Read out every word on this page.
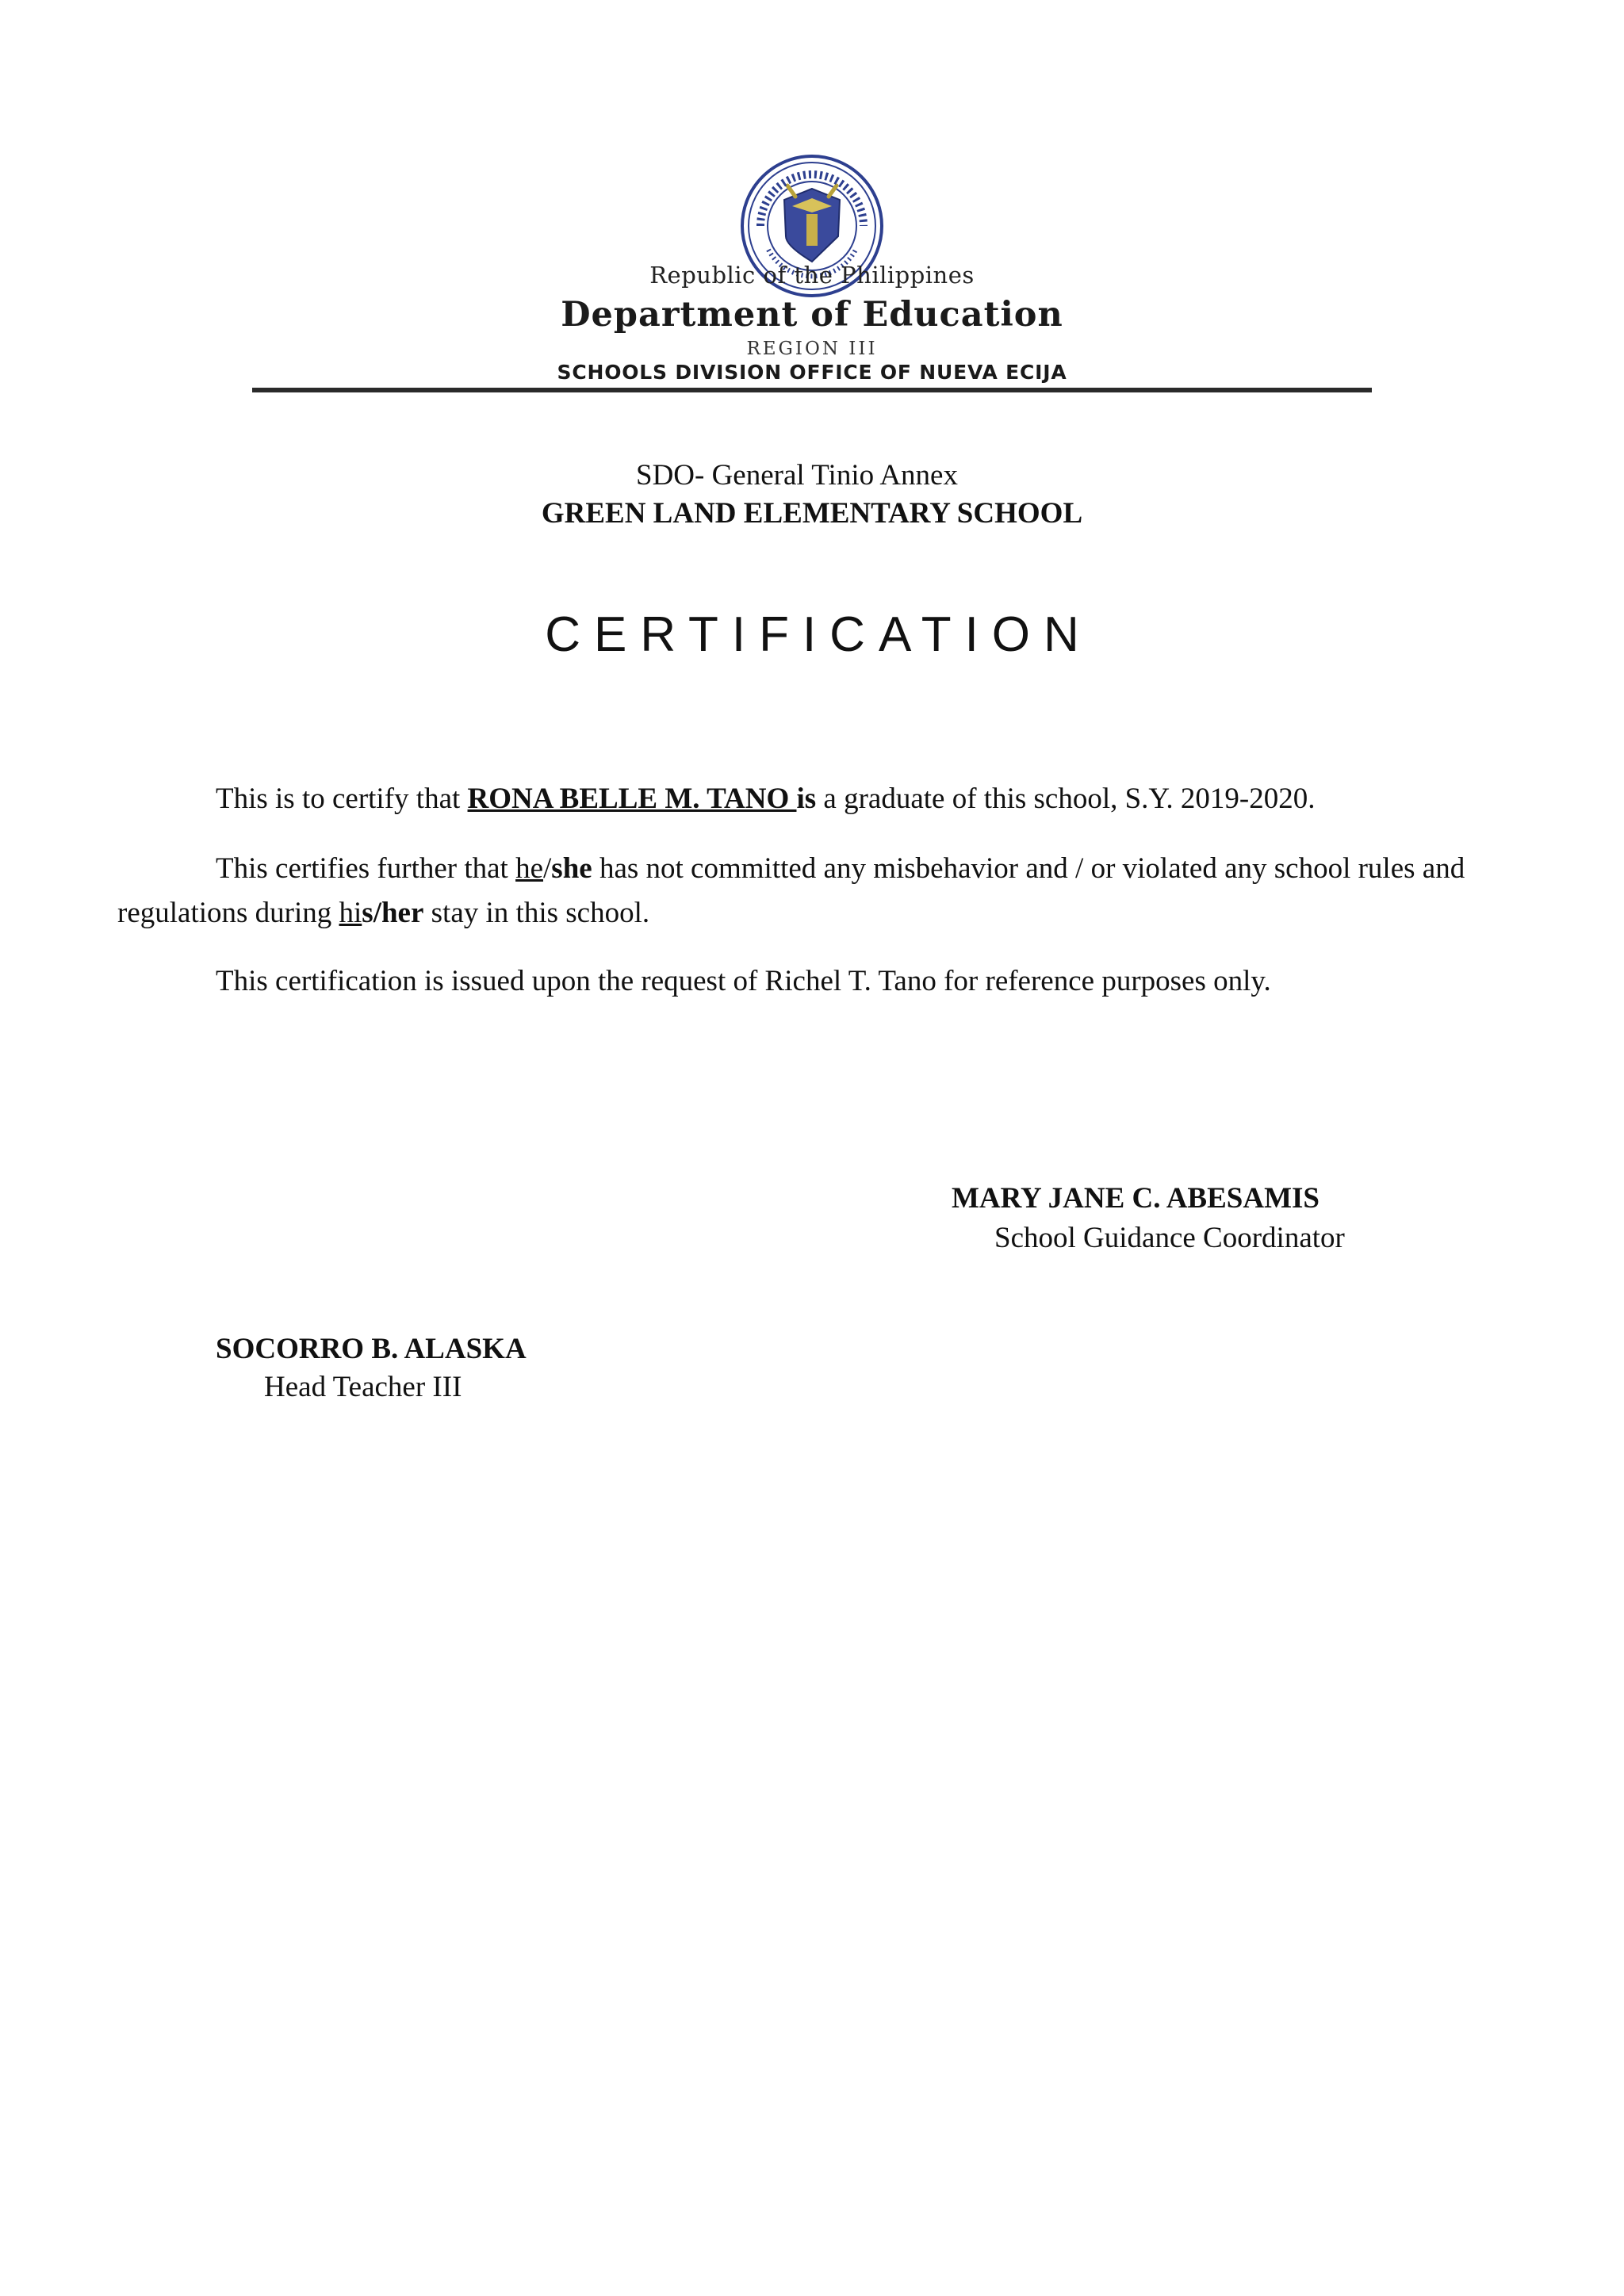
Republic of the Philippines
Department of Education
REGION III
SCHOOLS DIVISION OFFICE OF NUEVA ECIJA
SDO- General Tinio Annex
GREEN LAND ELEMENTARY SCHOOL
CERTIFICATION
This is to certify that RONA BELLE M. TANO is a graduate of this school, S.Y. 2019-2020.
This certifies further that he/she has not committed any misbehavior and / or violated any school rules and regulations during his/her stay in this school.
This certification is issued upon the request of Richel T. Tano for reference purposes only.
MARY JANE C. ABESAMIS
School Guidance Coordinator
SOCORRO B. ALASKA
Head Teacher III
